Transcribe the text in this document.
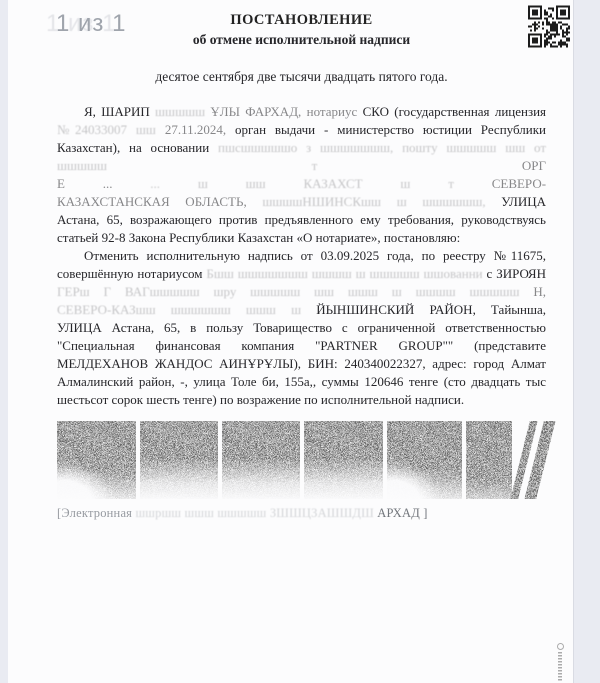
1 из 1	ПОСТАНОВЛЕНИЕ
об отмене исполнительной надписи
десятое сентября две тысячи двадцать пятого года.
Я, ШАРИП шшшшш ҰЛЫ ФАРХАД, нотариус СКО (государственная лицензия
№24033007 шш 27.11.2024, орган выдачи - министерство юстиции Республики
Казахстан), на основании пшсшшшшшо з шшшшшшш, пошту шшшшш шш от шшшшш т	ОРГ
Е ...	... ш	шш	КАЗАХСТ	ш т	СЕВЕРО-
КАЗАХСТАНСКАЯ ОБЛАСТЬ, шшшшНШИНСКшш ш шшшшшш, УЛИЦА
Астана, 65, возражающего против предъявленного ему требования, руководствуясь
статьей 92-8 Закона Республики Казахстан «О нотариате», постановляю:
Отменить исполнительную надпись от 03.09.2025 года, по реестру №11675,
совершённую нотариусом Бшш шшшшшшш шшшш ш шшшшш шшованни с ЗИРОЯН
ГЕРш Г ВАГшшшшш шру шшшшш шш шшш ш шшшш шшшшш Н,
СЕВЕРО-КАЗшш шшшшшш шшш ш ЙЫНШИНСКИЙ РАЙОН, Тайынша,
УЛИЦА Астана, 65, в пользу Товарищество с ограниченной ответственностью
"Специальная финансовая компания "PARTNER GROUP"" (представите
МЕЛДЕХАНОВ ЖАНДОС АИНҰРҰЛЫ), БИН: 240340022327, адрес: город Алмат
Алмалинский район, -, улица Толе би, 155а,, суммы 120646 тенге (сто двадцать тыс
шестьсот сорок шесть тенге) по возражение по исполнительной надписи.
[Электронная шшршш шшш шшшшш ЗШШЦЗАШШДШ АРХАД ]
